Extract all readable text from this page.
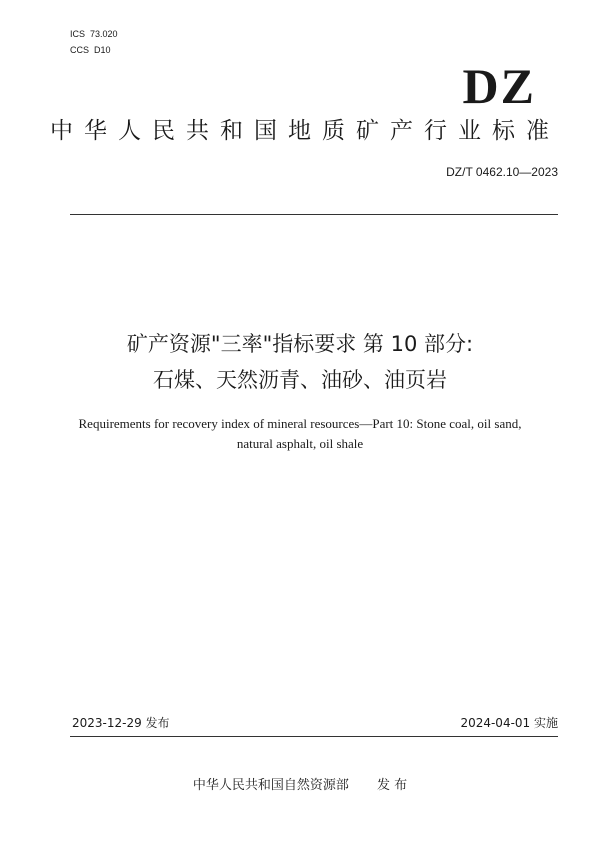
ICS  73.020
CCS  D10
DZ
中华人民共和国地质矿产行业标准
DZ/T 0462.10—2023
矿产资源"三率"指标要求 第 10 部分:
石煤、天然沥青、油砂、油页岩
Requirements for recovery index of mineral resources—Part 10: Stone coal, oil sand,
natural asphalt, oil shale
2023-12-29 发布	2024-04-01 实施
中华人民共和国自然资源部 发 布
